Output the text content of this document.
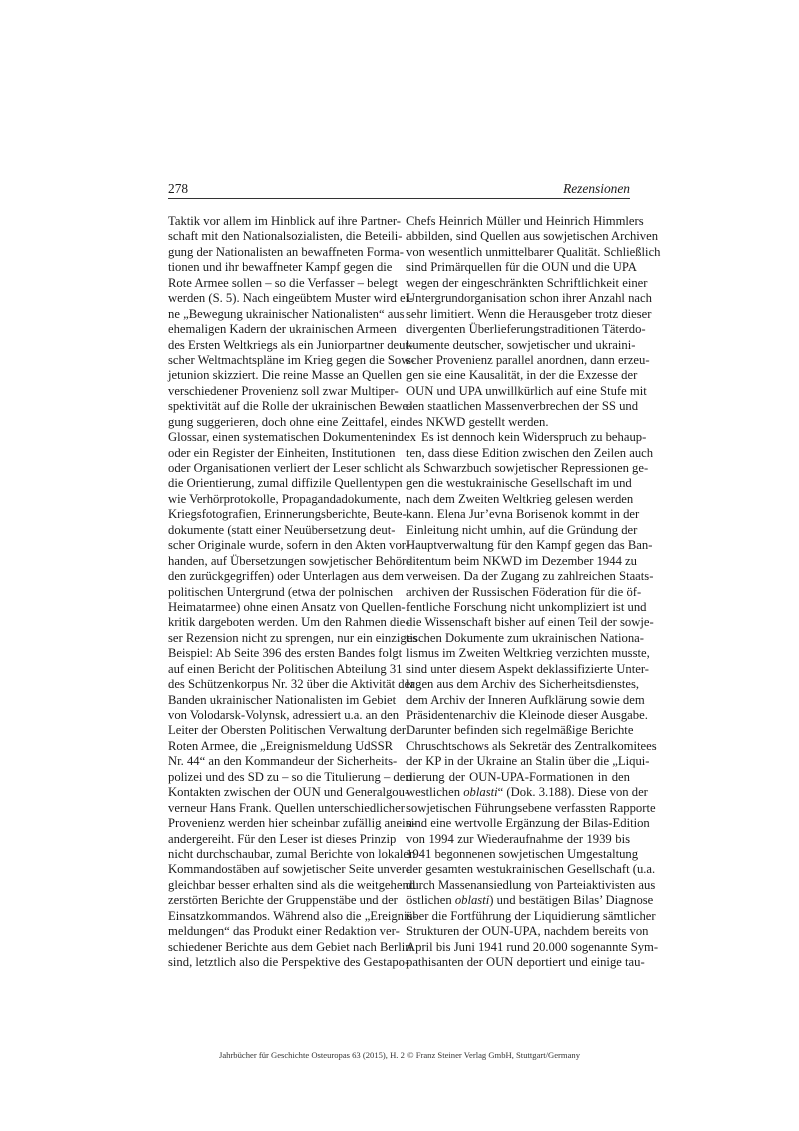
278	Rezensionen
Taktik vor allem im Hinblick auf ihre Partner-
schaft mit den Nationalsozialisten, die Beteili-
gung der Nationalisten an bewaffneten Forma-
tionen und ihr bewaffneter Kampf gegen die
Rote Armee sollen – so die Verfasser – belegt
werden (S. 5). Nach eingeübtem Muster wird ei-
ne „Bewegung ukrainischer Nationalisten“ aus
ehemaligen Kadern der ukrainischen Armeen
des Ersten Weltkriegs als ein Juniorpartner deut-
scher Weltmachtspläne im Krieg gegen die Sow-
jetunion skizziert. Die reine Masse an Quellen
verschiedener Provenienz soll zwar Multiper-
spektivität auf die Rolle der ukrainischen Bewe-
gung suggerieren, doch ohne eine Zeittafel, ein
Glossar, einen systematischen Dokumentenindex
oder ein Register der Einheiten, Institutionen
oder Organisationen verliert der Leser schlicht
die Orientierung, zumal diffizile Quellentypen
wie Verhörprotokolle, Propagandadokumente,
Kriegsfotografien, Erinnerungsberichte, Beute-
dokumente (statt einer Neuübersetzung deut-
scher Originale wurde, sofern in den Akten vor-
handen, auf Übersetzungen sowjetischer Behör-
den zurückgegriffen) oder Unterlagen aus dem
politischen Untergrund (etwa der polnischen
Heimatarmee) ohne einen Ansatz von Quellen-
kritik dargeboten werden. Um den Rahmen die-
ser Rezension nicht zu sprengen, nur ein einziges
Beispiel: Ab Seite 396 des ersten Bandes folgt
auf einen Bericht der Politischen Abteilung 31
des Schützenkorpus Nr. 32 über die Aktivität der
Banden ukrainischer Nationalisten im Gebiet
von Volodarsk-Volynsk, adressiert u.a. an den
Leiter der Obersten Politischen Verwaltung der
Roten Armee, die „Ereignismeldung UdSSR
Nr. 44“ an den Kommandeur der Sicherheits-
polizei und des SD zu – so die Titulierung – den
Kontakten zwischen der OUN und Generalgou-
verneur Hans Frank. Quellen unterschiedlicher
Provenienz werden hier scheinbar zufällig anein-
andergereiht. Für den Leser ist dieses Prinzip
nicht durchschaubar, zumal Berichte von lokalen
Kommandostäben auf sowjetischer Seite unver-
gleichbar besser erhalten sind als die weitgehend
zerstörten Berichte der Gruppenstäbe und der
Einsatzkommandos. Während also die „Ereignis-
meldungen“ das Produkt einer Redaktion ver-
schiedener Berichte aus dem Gebiet nach Berlin
sind, letztlich also die Perspektive des Gestapo-
Chefs Heinrich Müller und Heinrich Himmlers
abbilden, sind Quellen aus sowjetischen Archiven
von wesentlich unmittelbarer Qualität. Schließlich
sind Primärquellen für die OUN und die UPA
wegen der eingeschränkten Schriftlichkeit einer
Untergrundorganisation schon ihrer Anzahl nach
sehr limitiert. Wenn die Herausgeber trotz dieser
divergenten Überlieferungstraditionen Täterdo-
kumente deutscher, sowjetischer und ukraini-
scher Provenienz parallel anordnen, dann erzeu-
gen sie eine Kausalität, in der die Exzesse der
OUN und UPA unwillkürlich auf eine Stufe mit
den staatlichen Massenverbrechen der SS und
des NKWD gestellt werden.
Es ist dennoch kein Widerspruch zu behaup-
ten, dass diese Edition zwischen den Zeilen auch
als Schwarzbuch sowjetischer Repressionen ge-
gen die westukrainische Gesellschaft im und
nach dem Zweiten Weltkrieg gelesen werden
kann. Elena Jur’evna Borisenok kommt in der
Einleitung nicht umhin, auf die Gründung der
Hauptverwaltung für den Kampf gegen das Ban-
ditentum beim NKWD im Dezember 1944 zu
verweisen. Da der Zugang zu zahlreichen Staats-
archiven der Russischen Föderation für die öf-
fentliche Forschung nicht unkompliziert ist und
die Wissenschaft bisher auf einen Teil der sowje-
tischen Dokumente zum ukrainischen Nationa-
lismus im Zweiten Weltkrieg verzichten musste,
sind unter diesem Aspekt deklassifizierte Unter-
lagen aus dem Archiv des Sicherheitsdienstes,
dem Archiv der Inneren Aufklärung sowie dem
Präsidentenarchiv die Kleinode dieser Ausgabe.
Darunter befinden sich regelmäßige Berichte
Chruschtschows als Sekretär des Zentralkomitees
der KP in der Ukraine an Stalin über die „Liqui-
dierung der OUN-UPA-Formationen in den
westlichen oblasti“ (Dok. 3.188). Diese von der
sowjetischen Führungsebene verfassten Rapporte
sind eine wertvolle Ergänzung der Bilas-Edition
von 1994 zur Wiederaufnahme der 1939 bis
1941 begonnenen sowjetischen Umgestaltung
der gesamten westukrainischen Gesellschaft (u.a.
durch Massenansiedlung von Parteiaktivisten aus
östlichen oblasti) und bestätigen Bilas’ Diagnose
über die Fortführung der Liquidierung sämtlicher
Strukturen der OUN-UPA, nachdem bereits von
April bis Juni 1941 rund 20.000 sogenannte Sym-
pathisanten der OUN deportiert und einige tau-
Jahrbücher für Geschichte Osteuropas 63 (2015), H. 2 © Franz Steiner Verlag GmbH, Stuttgart/Germany
